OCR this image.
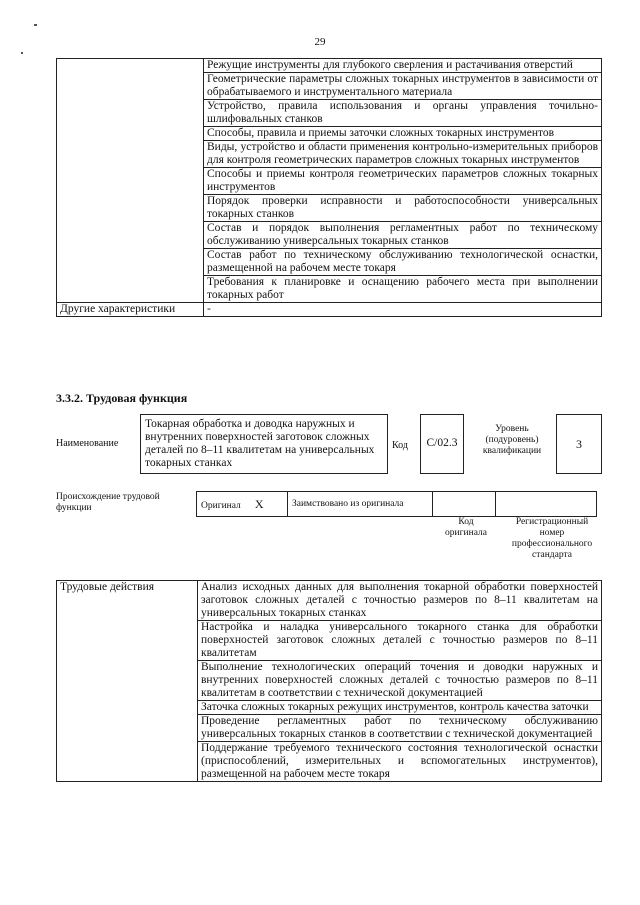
29
	Режущие инструменты для глубокого сверления и растачивания отверстий
	Геометрические параметры сложных токарных инструментов в зависимости от обрабатываемого и инструментального материала
	Устройство, правила использования и органы управления точильно-шлифовальных станков
	Способы, правила и приемы заточки сложных токарных инструментов
	Виды, устройство и области применения контрольно-измерительных приборов для контроля геометрических параметров сложных токарных инструментов
	Способы и приемы контроля геометрических параметров сложных токарных инструментов
	Порядок проверки исправности и работоспособности универсальных токарных станков
	Состав и порядок выполнения регламентных работ по техническому обслуживанию универсальных токарных станков
	Состав работ по техническому обслуживанию технологической оснастки, размещенной на рабочем месте токаря
	Требования к планировке и оснащению рабочего места при выполнении токарных работ
Другие характеристики	-
3.3.2. Трудовая функция
Наименование
Токарная обработка и доводка наружных и внутренних поверхностей заготовок сложных деталей по 8–11 квалитетам на универсальных токарных станках
Код	С/02.3
Уровень (подуровень) квалификации	3
Происхождение трудовой функции	Оригинал X	Заимствовано из оригинала		
Код оригинала
Регистрационный номер профессионального стандарта
Трудовые действия	Анализ исходных данных для выполнения токарной обработки поверхностей заготовок сложных деталей с точностью размеров по 8–11 квалитетам на универсальных токарных станках
Настройка и наладка универсального токарного станка для обработки поверхностей заготовок сложных деталей с точностью размеров по 8–11 квалитетам
Выполнение технологических операций точения и доводки наружных и внутренних поверхностей сложных деталей с точностью размеров по 8–11 квалитетам в соответствии с технической документацией
Заточка сложных токарных режущих инструментов, контроль качества заточки
Проведение регламентных работ по техническому обслуживанию универсальных токарных станков в соответствии с технической документацией
Поддержание требуемого технического состояния технологической оснастки (приспособлений, измерительных и вспомогательных инструментов), размещенной на рабочем месте токаря
